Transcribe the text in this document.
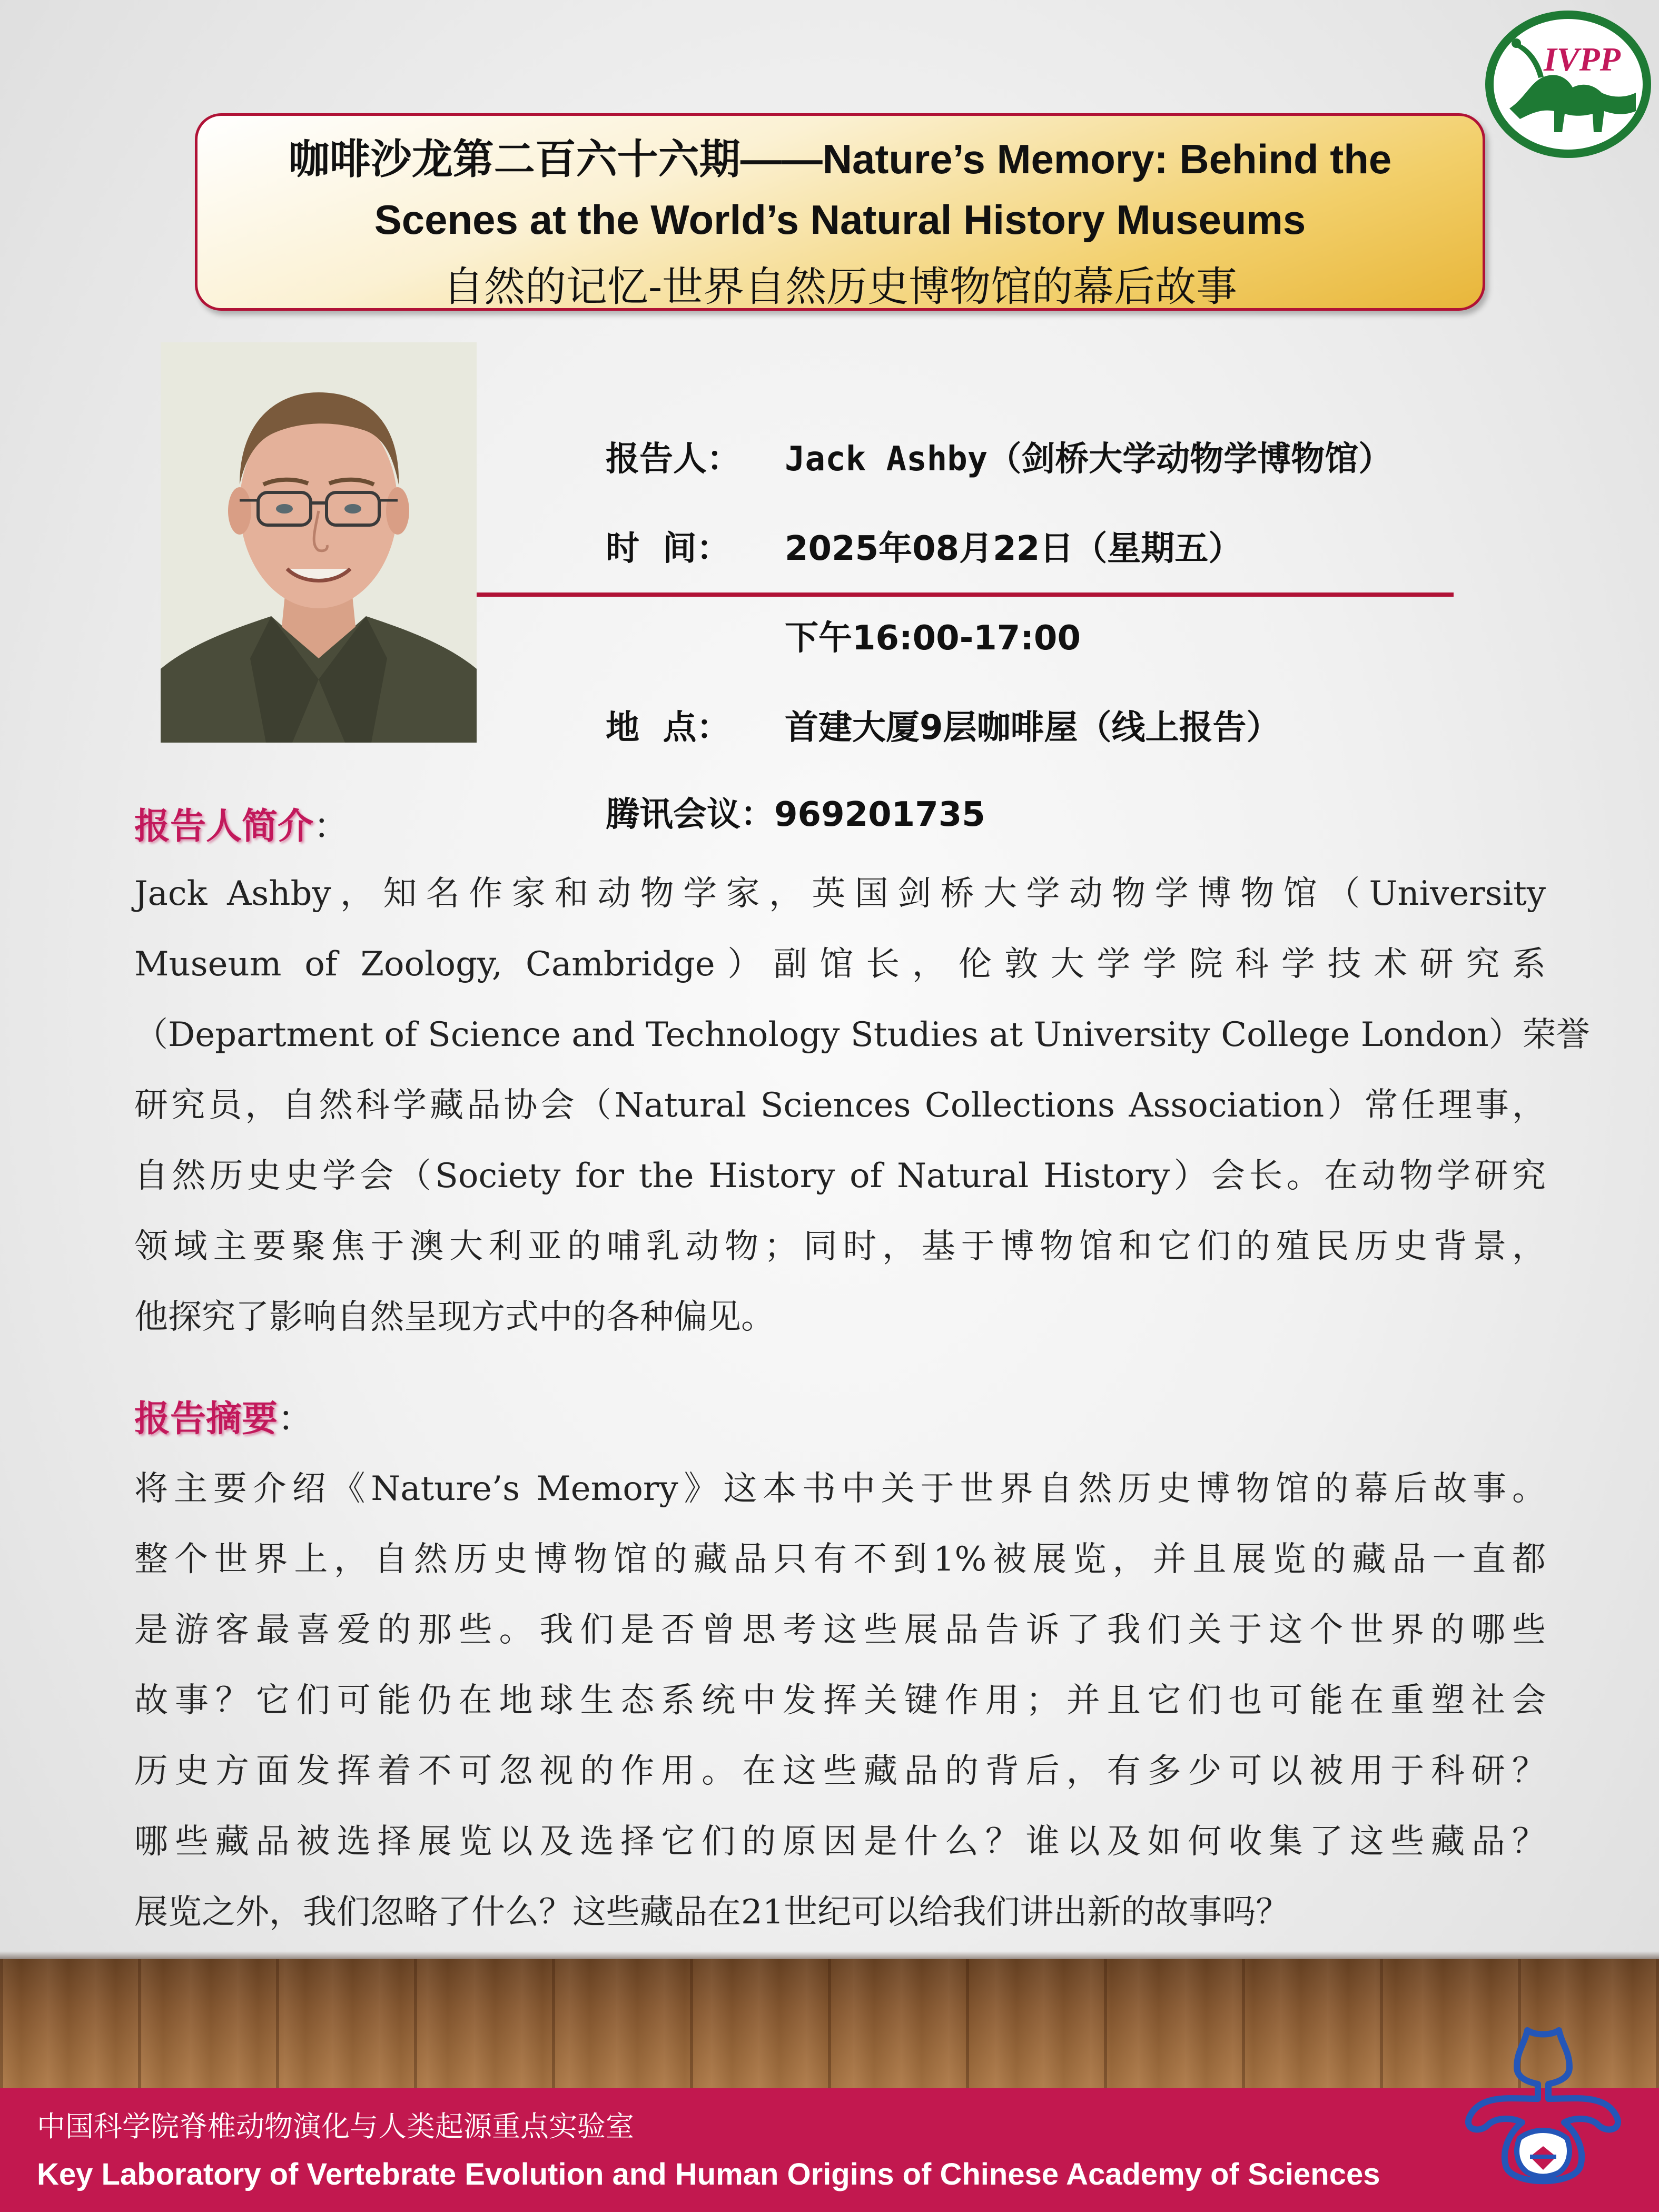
IVPP
咖啡沙龙第二百六十六期——Nature’s Memory: Behind the
Scenes at the World’s Natural History Museums
自然的记忆-世界自然历史博物馆的幕后故事
报告人： Jack Ashby（剑桥大学动物学博物馆）
时  间： 2025年08月22日（星期五）
下午16:00-17:00
地  点： 首建大厦9层咖啡屋（线上报告）
腾讯会议：969201735
报告人简介：
Jack Ashby，知名作家和动物学家，英国剑桥大学动物学博物馆（University
Museum of Zoology, Cambridge）副馆长，伦敦大学学院科学技术研究系
（Department of Science and Technology Studies at University College London）荣誉
研究员，自然科学藏品协会（Natural Sciences Collections Association）常任理事，
自然历史史学会（Society for the History of Natural History）会长。在动物学研究
领域主要聚焦于澳大利亚的哺乳动物；同时，基于博物馆和它们的殖民历史背景，
他探究了影响自然呈现方式中的各种偏见。
报告摘要：
将主要介绍《Nature’s Memory》这本书中关于世界自然历史博物馆的幕后故事。
整个世界上，自然历史博物馆的藏品只有不到1%被展览，并且展览的藏品一直都
是游客最喜爱的那些。我们是否曾思考这些展品告诉了我们关于这个世界的哪些
故事？它们可能仍在地球生态系统中发挥关键作用；并且它们也可能在重塑社会
历史方面发挥着不可忽视的作用。在这些藏品的背后，有多少可以被用于科研？
哪些藏品被选择展览以及选择它们的原因是什么？谁以及如何收集了这些藏品？
展览之外，我们忽略了什么？这些藏品在21世纪可以给我们讲出新的故事吗？
中国科学院脊椎动物演化与人类起源重点实验室
Key Laboratory of Vertebrate Evolution and Human Origins of Chinese Academy of Sciences
